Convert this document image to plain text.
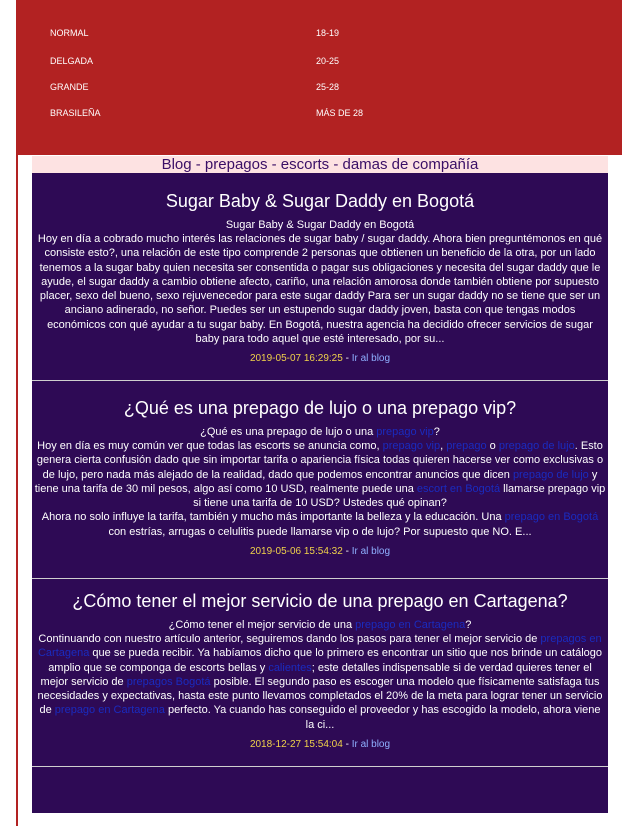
NORMAL	18-19
DELGADA	20-25
GRANDE	25-28
BRASILEÑA	MÁS DE 28
Blog - prepagos - escorts - damas de compañía
Sugar Baby & Sugar Daddy en Bogotá
Sugar Baby & Sugar Daddy en Bogotá
Hoy en día a cobrado mucho interés las relaciones de sugar baby / sugar daddy. Ahora bien preguntémonos en qué consiste esto?, una relación de este tipo comprende 2 personas que obtienen un beneficio de la otra, por un lado tenemos a la sugar baby quien necesita ser consentida o pagar sus obligaciones y necesita del sugar daddy que le ayude, el sugar daddy a cambio obtiene afecto, cariño, una relación amorosa donde también obtiene por supuesto placer, sexo del bueno, sexo rejuvenecedor para este sugar daddy Para ser un sugar daddy no se tiene que ser un anciano adinerado, no señor. Puedes ser un estupendo sugar daddy joven, basta con que tengas modos económicos con qué ayudar a tu sugar baby. En Bogotá, nuestra agencia ha decidido ofrecer servicios de sugar baby para todo aquel que esté interesado, por su...
2019-05-07 16:29:25 - Ir al blog
¿Qué es una prepago de lujo o una prepago vip?
¿Qué es una prepago de lujo o una prepago vip?
Hoy en día es muy común ver que todas las escorts se anuncia como, prepago vip, prepago o prepago de lujo. Esto genera cierta confusión dado que sin importar tarifa o apariencia física todas quieren hacerse ver como exclusivas o de lujo, pero nada más alejado de la realidad, dado que podemos encontrar anuncios que dicen prepago de lujo y tiene una tarifa de 30 mil pesos, algo así como 10 USD, realmente puede una escort en Bogotá llamarse prepago vip si tiene una tarifa de 10 USD? Ustedes qué opinan?
Ahora no solo influye la tarifa, también y mucho más importante la belleza y la educación. Una prepago en Bogotá con estrías, arrugas o celulitis puede llamarse vip o de lujo? Por supuesto que NO. E...
2019-05-06 15:54:32 - Ir al blog
¿Cómo tener el mejor servicio de una prepago en Cartagena?
¿Cómo tener el mejor servicio de una prepago en Cartagena?
Continuando con nuestro artículo anterior, seguiremos dando los pasos para tener el mejor servicio de prepagos en Cartagena que se pueda recibir. Ya habíamos dicho que lo primero es encontrar un sitio que nos brinde un catálogo amplio que se componga de escorts bellas y calientes; este detalles indispensable si de verdad quieres tener el mejor servicio de prepagos Bogotá posible. El segundo paso es escoger una modelo que físicamente satisfaga tus necesidades y expectativas, hasta este punto llevamos completados el 20% de la meta para lograr tener un servicio de prepago en Cartagena perfecto. Ya cuando has conseguido el proveedor y has escogido la modelo, ahora viene la ci...
2018-12-27 15:54:04 - Ir al blog
